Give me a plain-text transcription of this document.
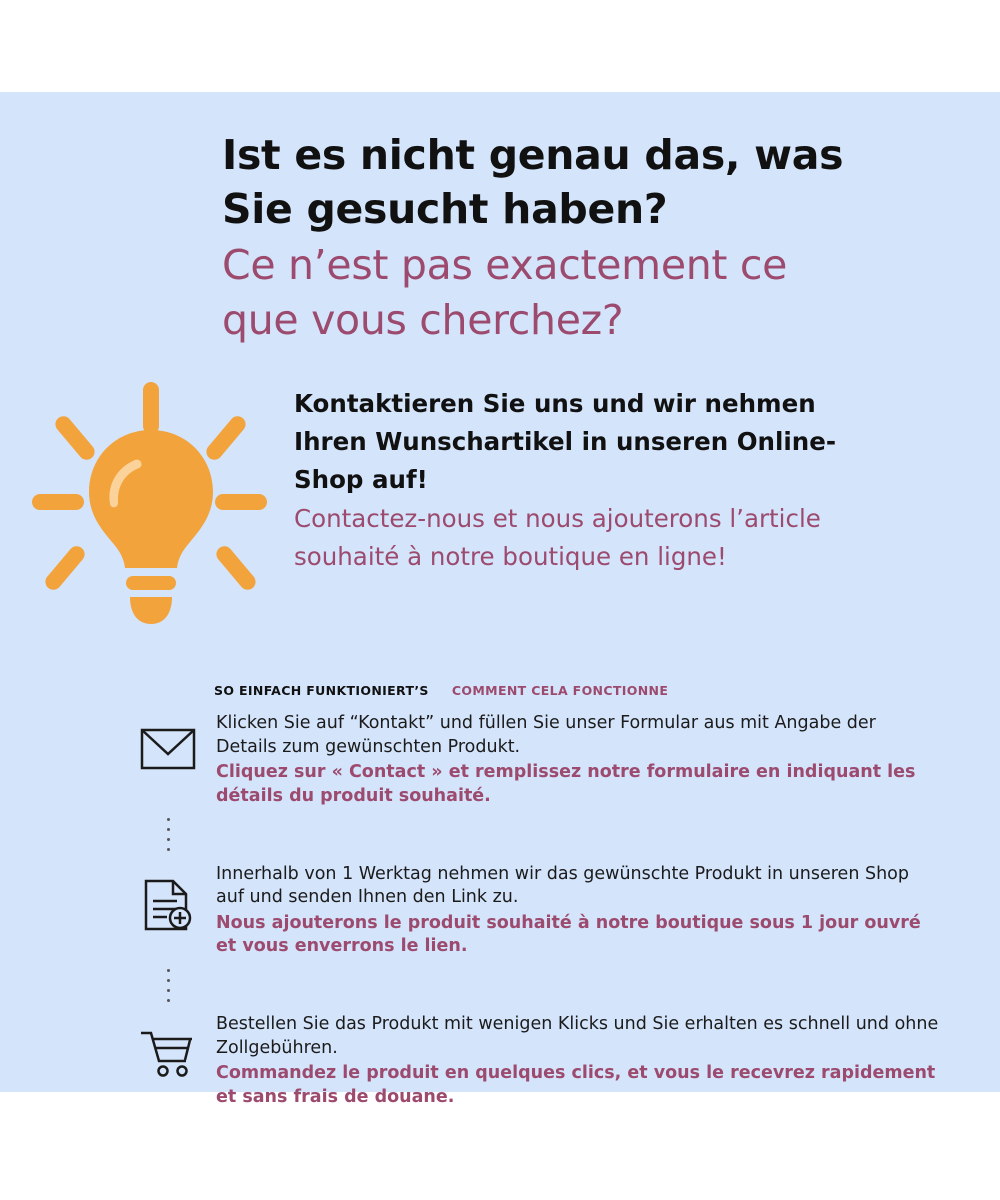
Ist es nicht genau das, was
Sie gesucht haben?
Ce n’est pas exactement ce
que vous cherchez?
Kontaktieren Sie uns und wir nehmen Ihren Wunschartikel in unseren Online-Shop auf!
Contactez-nous et nous ajouterons l’article souhaité à notre boutique en ligne!
SO EINFACH FUNKTIONIERT’S COMMENT CELA FONCTIONNE
Klicken Sie auf “Kontakt” und füllen Sie unser Formular aus mit Angabe der Details zum gewünschten Produkt.
Cliquez sur « Contact » et remplissez notre formulaire en indiquant les détails du produit souhaité.
Innerhalb von 1 Werktag nehmen wir das gewünschte Produkt in unseren Shop auf und senden Ihnen den Link zu.
Nous ajouterons le produit souhaité à notre boutique sous 1 jour ouvré et vous enverrons le lien.
Bestellen Sie das Produkt mit wenigen Klicks und Sie erhalten es schnell und ohne Zollgebühren.
Commandez le produit en quelques clics, et vous le recevrez rapidement et sans frais de douane.
